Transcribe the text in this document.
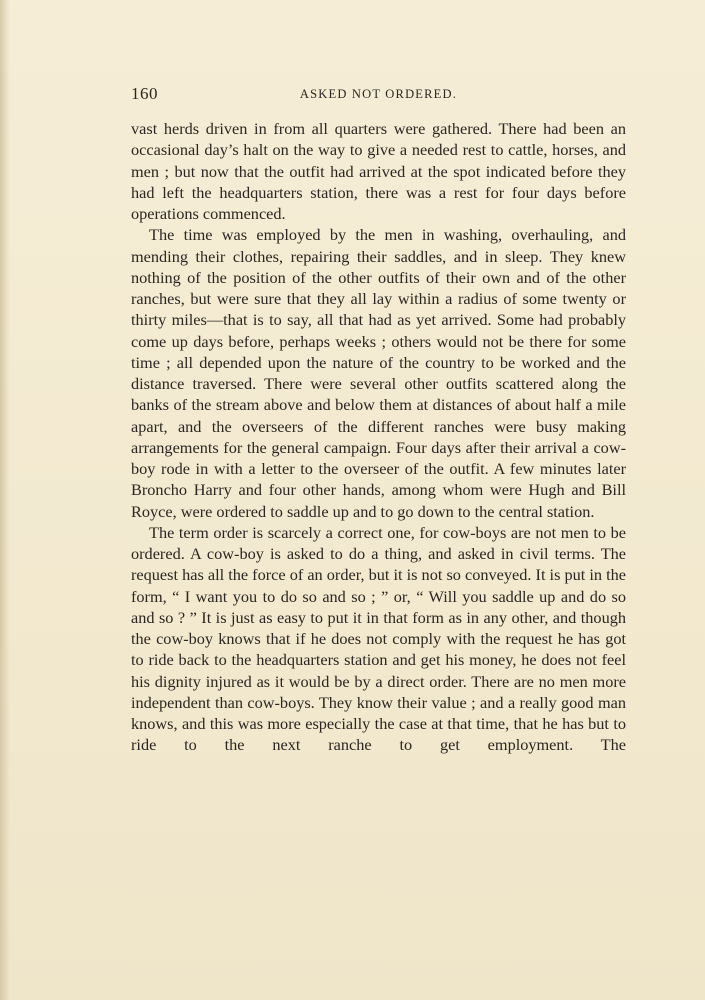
160	ASKED NOT ORDERED.

vast herds driven in from all quarters were gathered. There had been an occasional day’s halt on the way to give a needed rest to cattle, horses, and men ; but now that the outfit had arrived at the spot indicated before they had left the headquarters station, there was a rest for four days before operations commenced.

The time was employed by the men in washing, overhauling, and mending their clothes, repairing their saddles, and in sleep. They knew nothing of the position of the other outfits of their own and of the other ranches, but were sure that they all lay within a radius of some twenty or thirty miles—that is to say, all that had as yet arrived. Some had probably come up days before, perhaps weeks ; others would not be there for some time ; all depended upon the nature of the country to be worked and the distance traversed. There were several other outfits scattered along the banks of the stream above and below them at distances of about half a mile apart, and the overseers of the different ranches were busy making arrangements for the general campaign. Four days after their arrival a cow-boy rode in with a letter to the overseer of the outfit. A few minutes later Broncho Harry and four other hands, among whom were Hugh and Bill Royce, were ordered to saddle up and to go down to the central station.

The term order is scarcely a correct one, for cow-boys are not men to be ordered. A cow-boy is asked to do a thing, and asked in civil terms. The request has all the force of an order, but it is not so conveyed. It is put in the form, “ I want you to do so and so ; ” or, “ Will you saddle up and do so and so ? ” It is just as easy to put it in that form as in any other, and though the cow-boy knows that if he does not comply with the request he has got to ride back to the headquarters station and get his money, he does not feel his dignity injured as it would be by a direct order. There are no men more independent than cow-boys. They know their value ; and a really good man knows, and this was more especially the case at that time, that he has but to ride to the next ranche to get employment. The
